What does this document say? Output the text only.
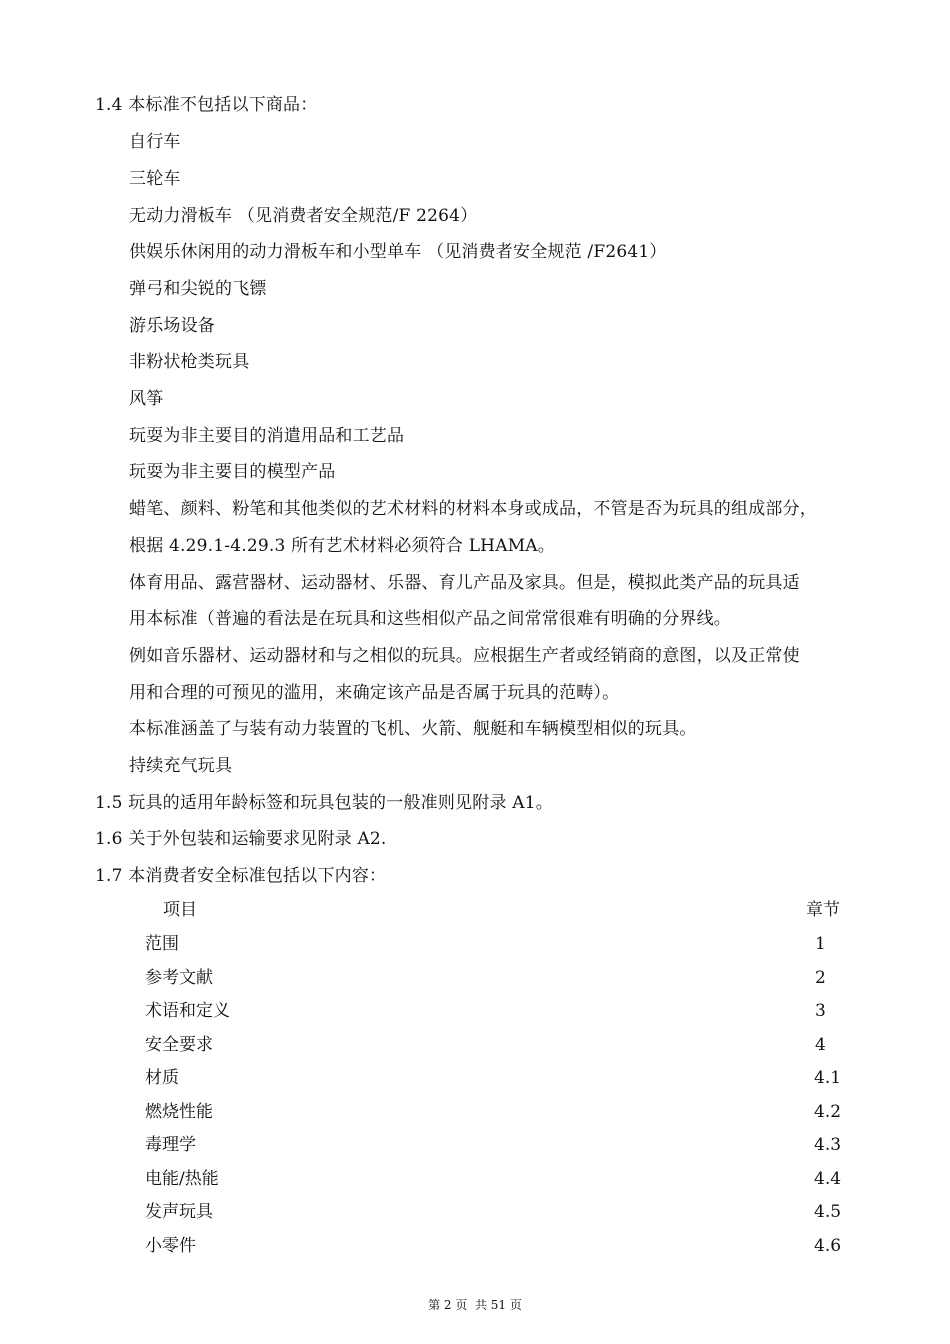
1.4 本标准不包括以下商品：
自行车
三轮车
无动力滑板车 （见消费者安全规范/F 2264）
供娱乐休闲用的动力滑板车和小型单车 （见消费者安全规范 /F2641）
弹弓和尖锐的飞镖
游乐场设备
非粉状枪类玩具
风筝
玩耍为非主要目的消遣用品和工艺品
玩耍为非主要目的模型产品
蜡笔、颜料、粉笔和其他类似的艺术材料的材料本身或成品，不管是否为玩具的组成部分，
根据 4.29.1-4.29.3 所有艺术材料必须符合 LHAMA。
体育用品、露营器材、运动器材、乐器、育儿产品及家具。但是，模拟此类产品的玩具适
用本标准（普遍的看法是在玩具和这些相似产品之间常常很难有明确的分界线。
例如音乐器材、运动器材和与之相似的玩具。应根据生产者或经销商的意图，以及正常使
用和合理的可预见的滥用，来确定该产品是否属于玩具的范畴）。
本标准涵盖了与装有动力装置的飞机、火箭、舰艇和车辆模型相似的玩具。
持续充气玩具
1.5 玩具的适用年龄标签和玩具包装的一般准则见附录 A1。
1.6 关于外包装和运输要求见附录 A2.
1.7 本消费者安全标准包括以下内容：
项目	章节
范围	1
参考文献	2
术语和定义	3
安全要求	4
材质	4.1
燃烧性能	4.2
毒理学	4.3
电能/热能	4.4
发声玩具	4.5
小零件	4.6
第 2 页  共 51 页
